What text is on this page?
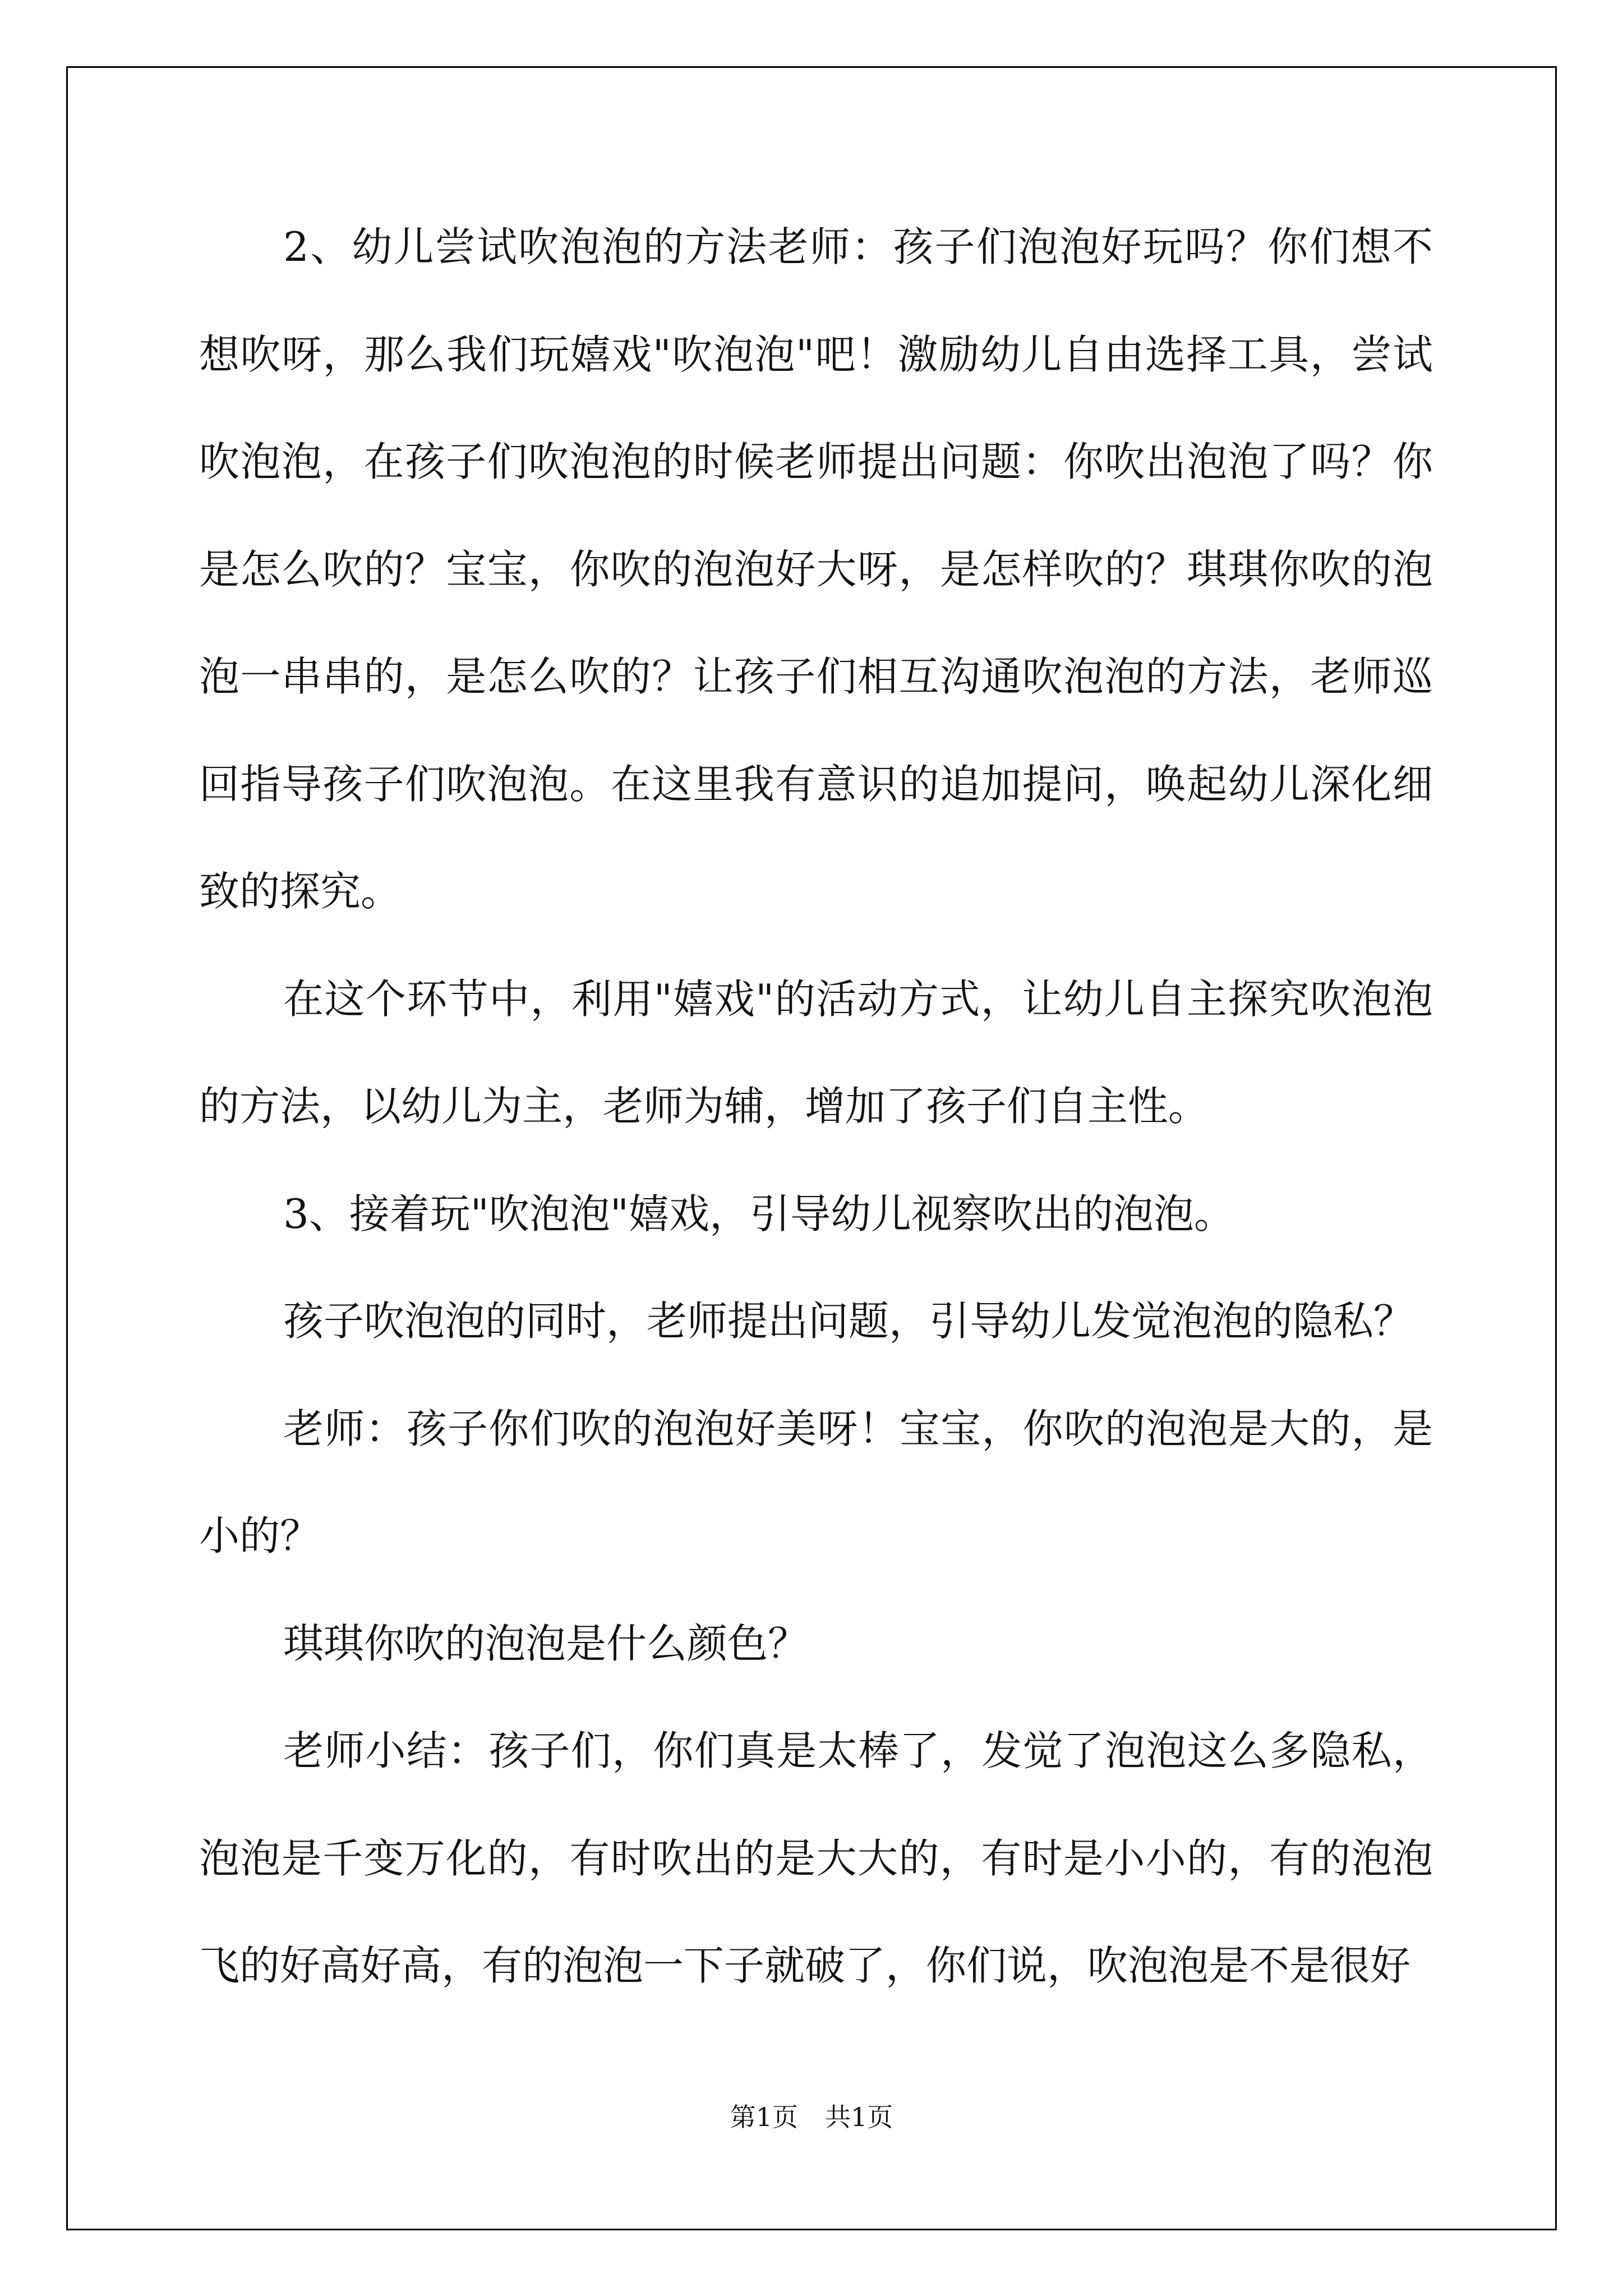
2、幼儿尝试吹泡泡的方法老师：孩子们泡泡好玩吗？你们想不想吹呀，那么我们玩嬉戏"吹泡泡"吧！激励幼儿自由选择工具，尝试吹泡泡，在孩子们吹泡泡的时候老师提出问题：你吹出泡泡了吗？你是怎么吹的？宝宝，你吹的泡泡好大呀，是怎样吹的？琪琪你吹的泡泡一串串的，是怎么吹的？让孩子们相互沟通吹泡泡的方法，老师巡回指导孩子们吹泡泡。在这里我有意识的追加提问，唤起幼儿深化细致的探究。

在这个环节中，利用"嬉戏"的活动方式，让幼儿自主探究吹泡泡的方法，以幼儿为主，老师为辅，增加了孩子们自主性。

3、接着玩"吹泡泡"嬉戏，引导幼儿视察吹出的泡泡。

孩子吹泡泡的同时，老师提出问题，引导幼儿发觉泡泡的隐私？

老师：孩子你们吹的泡泡好美呀！宝宝，你吹的泡泡是大的，是小的？

琪琪你吹的泡泡是什么颜色？

老师小结：孩子们，你们真是太棒了，发觉了泡泡这么多隐私，泡泡是千变万化的，有时吹出的是大大的，有时是小小的，有的泡泡飞的好高好高，有的泡泡一下子就破了，你们说，吹泡泡是不是很好

第1页 共1页
